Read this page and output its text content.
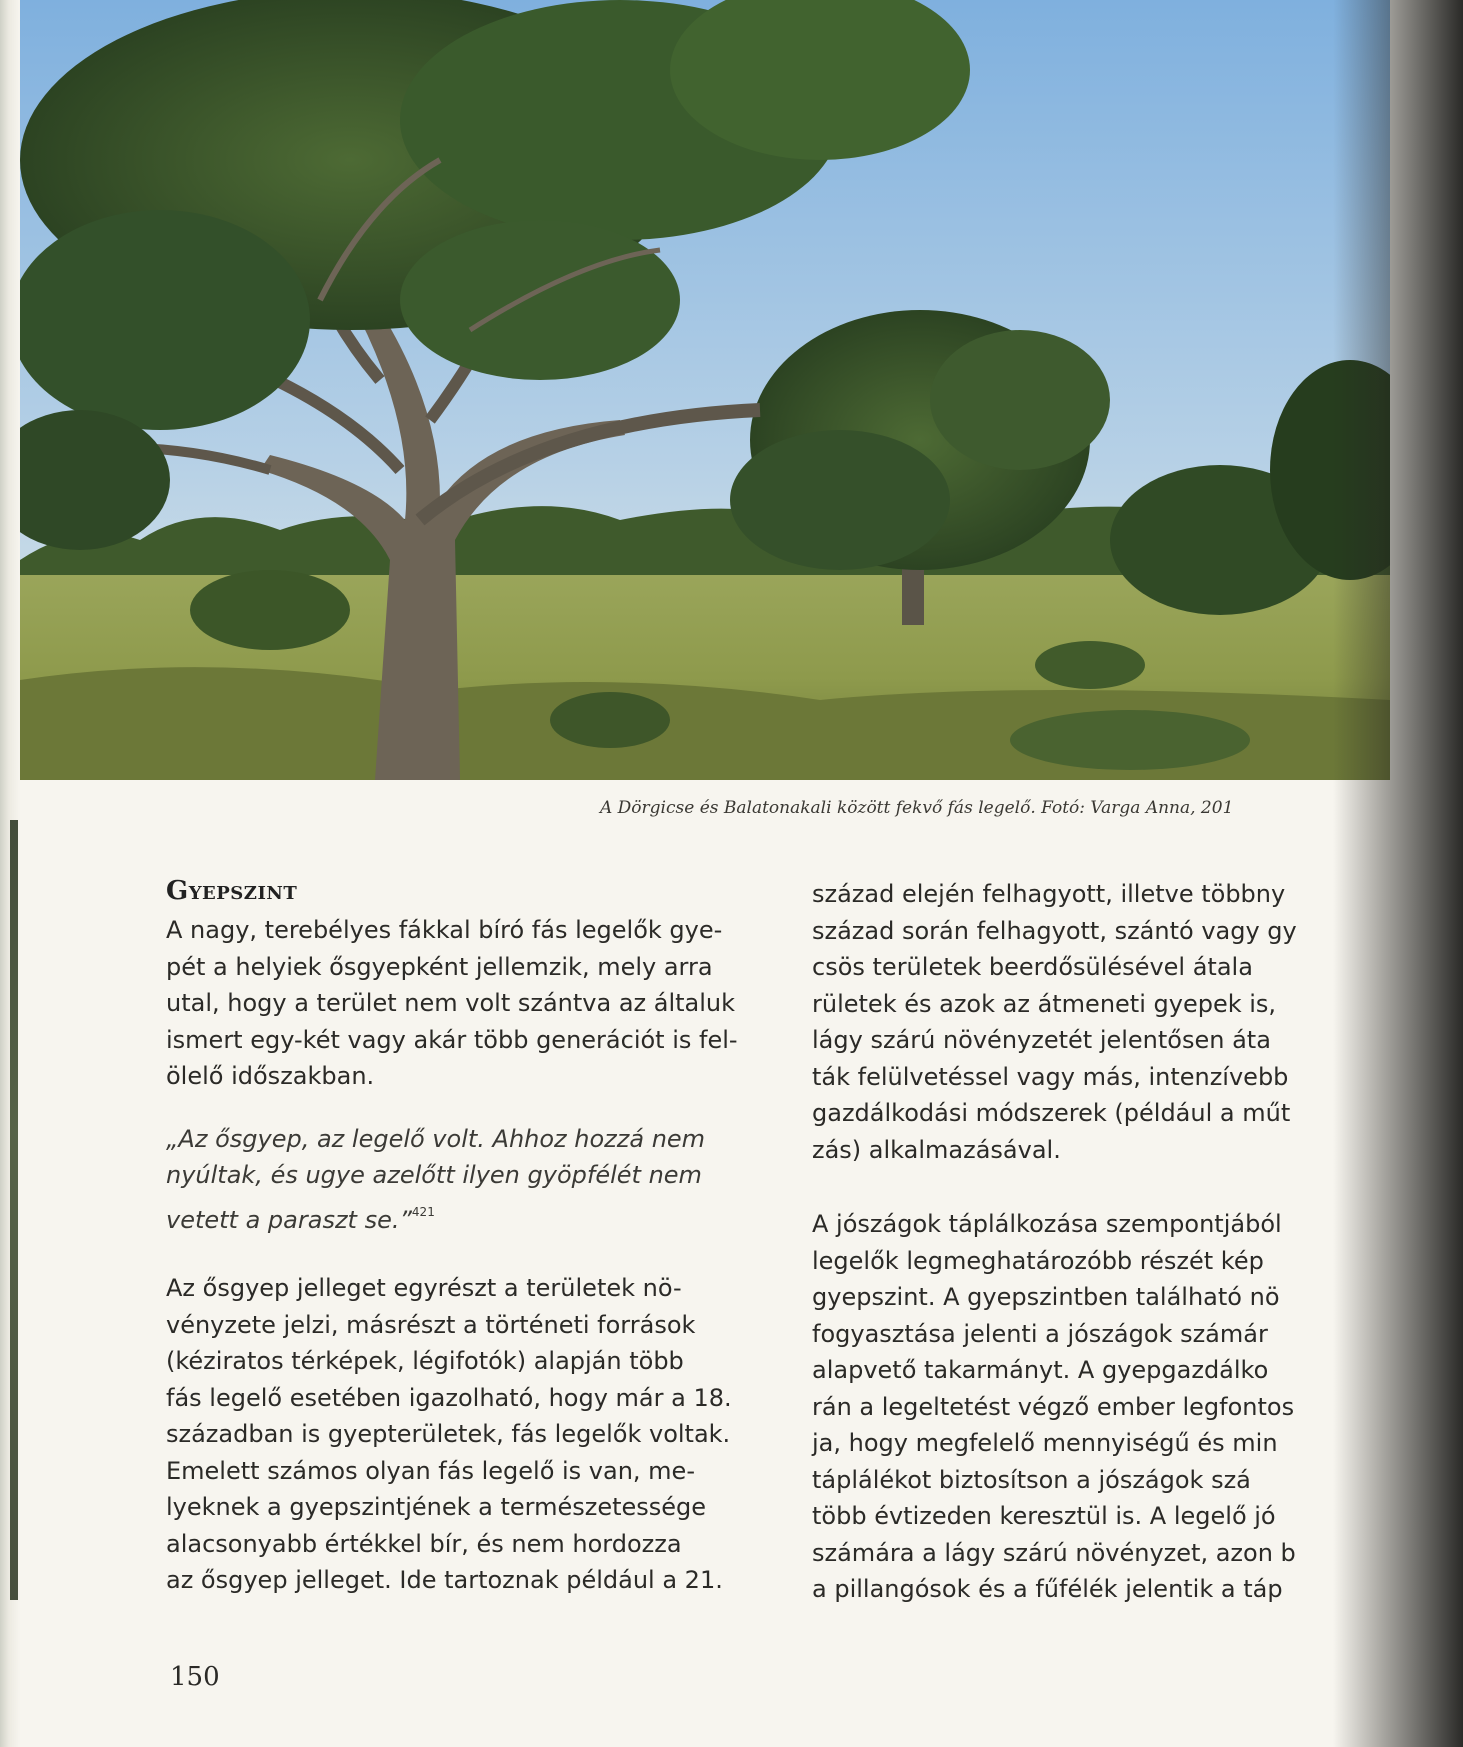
A Dörgicse és Balatonakali között fekvő fás legelő. Fotó: Varga Anna, 201
Gyepszint

A nagy, terebélyes fákkal bíró fás legelők gye-
pét a helyiek ősgyepként jellemzik, mely arra
utal, hogy a terület nem volt szántva az általuk
ismert egy-két vagy akár több generációt is fel-
ölelő időszakban.

„Az ősgyep, az legelő volt. Ahhoz hozzá nem
nyúltak, és ugye azelőtt ilyen gyöpfélét nem
vetett a paraszt se.”$^{421}$

Az ősgyep jelleget egyrészt a területek nö-
vényzete jelzi, másrészt a történeti források
(kéziratos térképek, légifotók) alapján több
fás legelő esetében igazolható, hogy már a 18.
században is gyepterületek, fás legelők voltak.
Emelett számos olyan fás legelő is van, me-
lyeknek a gyepszintjének a természetessége
alacsonyabb értékkel bír, és nem hordozza
az ősgyep jelleget. Ide tartoznak például a 21.

század elején felhagyott, illetve többny
század során felhagyott, szántó vagy gy
csös területek beerdősülésével átala
rületek és azok az átmeneti gyepek is,
lágy szárú növényzetét jelentősen áta
ták felülvetéssel vagy más, intenzívebb
gazdálkodási módszerek (például a műt
zás) alkalmazásával.

A jószágok táplálkozása szempontjából
legelők legmeghatározóbb részét kép
gyepszint. A gyepszintben található nö
fogyasztása jelenti a jószágok számár
alapvető takarmányt. A gyepgazdálko
rán a legeltetést végző ember legfontos
ja, hogy megfelelő mennyiségű és min
táplálékot biztosítson a jószágok szá
több évtizeden keresztül is. A legelő jó
számára a lágy szárú növényzet, azon b
a pillangósok és a fűfélék jelentik a táp

150
